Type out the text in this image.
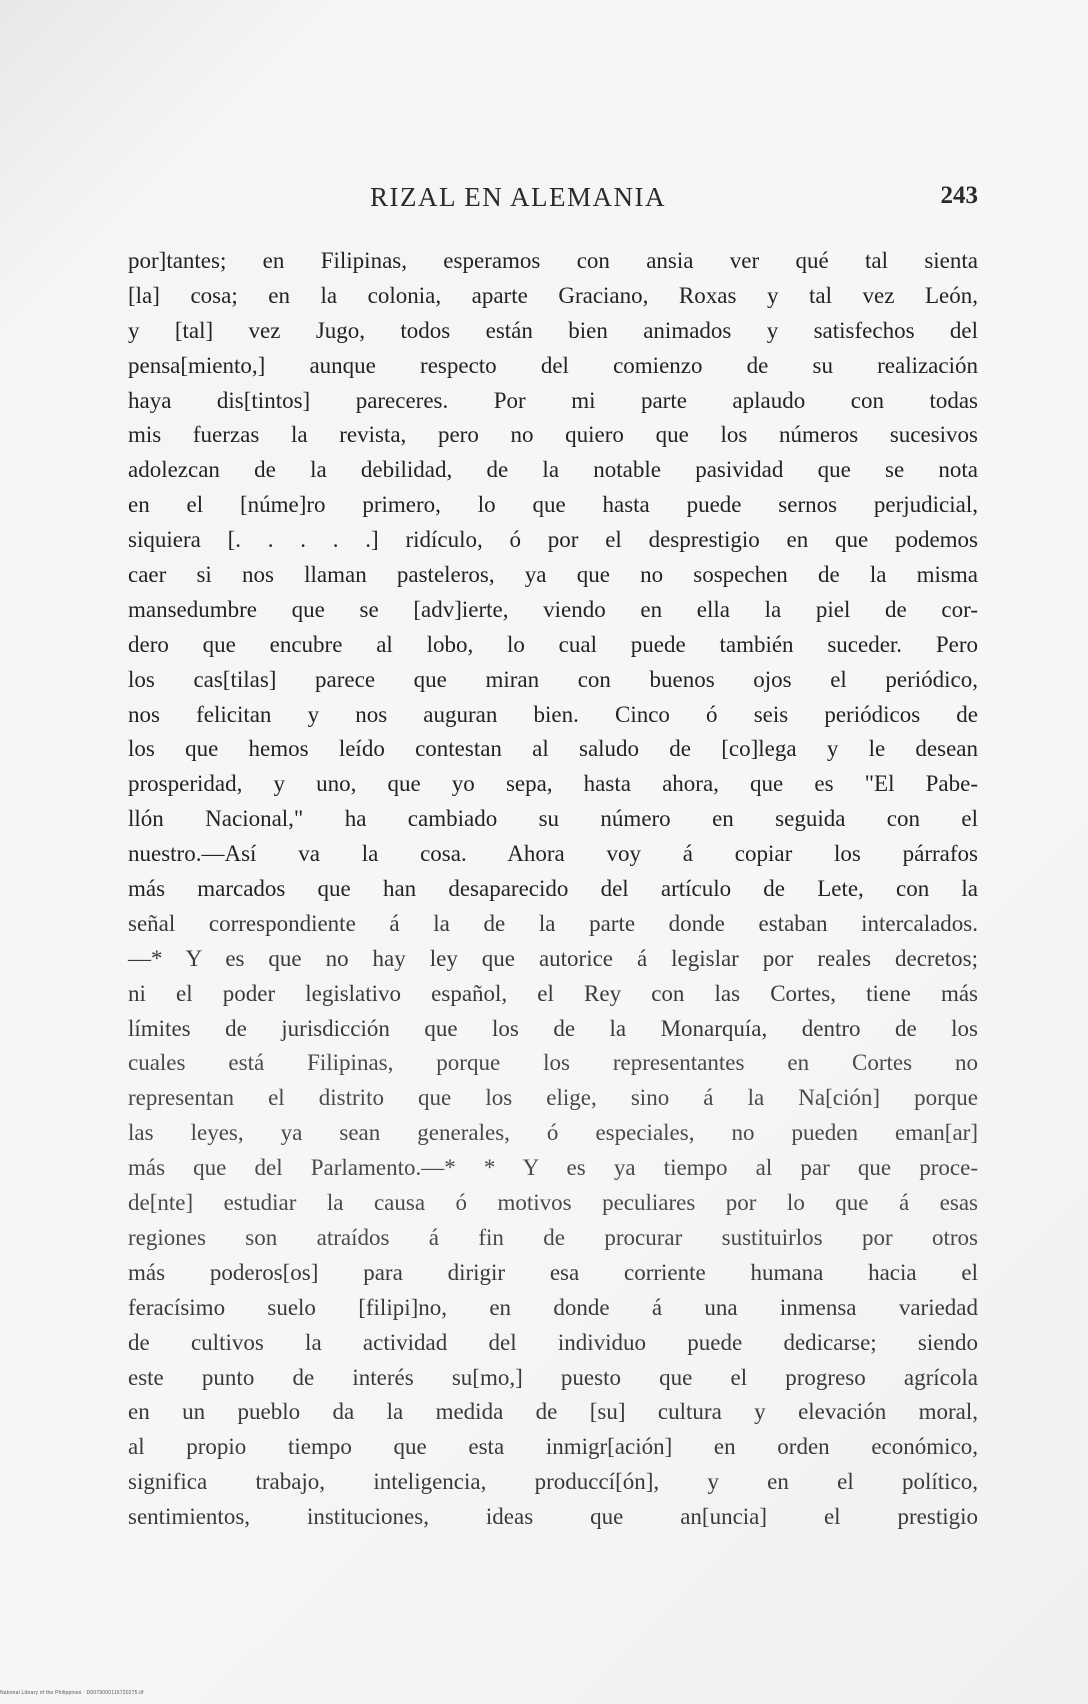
RIZAL EN ALEMANIA	243
por]tantes; en Filipinas, esperamos con ansia ver qué tal sienta
[la] cosa; en la colonia, aparte Graciano, Roxas y tal vez León,
y [tal] vez Jugo, todos están bien animados y satisfechos del
pensa[miento,] aunque respecto del comienzo de su realización
haya dis[tintos] pareceres. Por mi parte aplaudo con todas
mis fuerzas la revista, pero no quiero que los números sucesivos
adolezcan de la debilidad, de la notable pasividad que se nota
en el [núme]ro primero, lo que hasta puede sernos perjudicial,
siquiera [. . . . .] ridículo, ó por el desprestigio en que podemos
caer si nos llaman pasteleros, ya que no sospechen de la misma
mansedumbre que se [adv]ierte, viendo en ella la piel de cor-
dero que encubre al lobo, lo cual puede también suceder. Pero
los cas[tilas] parece que miran con buenos ojos el periódico,
nos felicitan y nos auguran bien. Cinco ó seis periódicos de
los que hemos leído contestan al saludo de [co]lega y le desean
prosperidad, y uno, que yo sepa, hasta ahora, que es "El Pabe-
llón Nacional," ha cambiado su número en seguida con el
nuestro.—Así va la cosa. Ahora voy á copiar los párrafos
más marcados que han desaparecido del artículo de Lete, con la
señal correspondiente á la de la parte donde estaban intercalados.
—* Y es que no hay ley que autorice á legislar por reales decretos;
ni el poder legislativo español, el Rey con las Cortes, tiene más
límites de jurisdicción que los de la Monarquía, dentro de los
cuales está Filipinas, porque los representantes en Cortes no
representan el distrito que los elige, sino á la Na[ción] porque
las leyes, ya sean generales, ó especiales, no pueden eman[ar]
más que del Parlamento.—* * Y es ya tiempo al par que proce-
de[nte] estudiar la causa ó motivos peculiares por lo que á esas
regiones son atraídos á fin de procurar sustituirlos por otros
más poderos[os] para dirigir esa corriente humana hacia el
feracísimo suelo [filipi]no, en donde á una inmensa variedad
de cultivos la actividad del individuo puede dedicarse; siendo
este punto de interés su[mo,] puesto que el progreso agrícola
en un pueblo da la medida de [su] cultura y elevación moral,
al propio tiempo que esta inmigr[ación] en orden económico,
significa trabajo, inteligencia, produccí[ón], y en el político,
sentimientos, instituciones, ideas que an[uncia] el prestigio
National Library of the Philippines · D0079000115720275.tif
